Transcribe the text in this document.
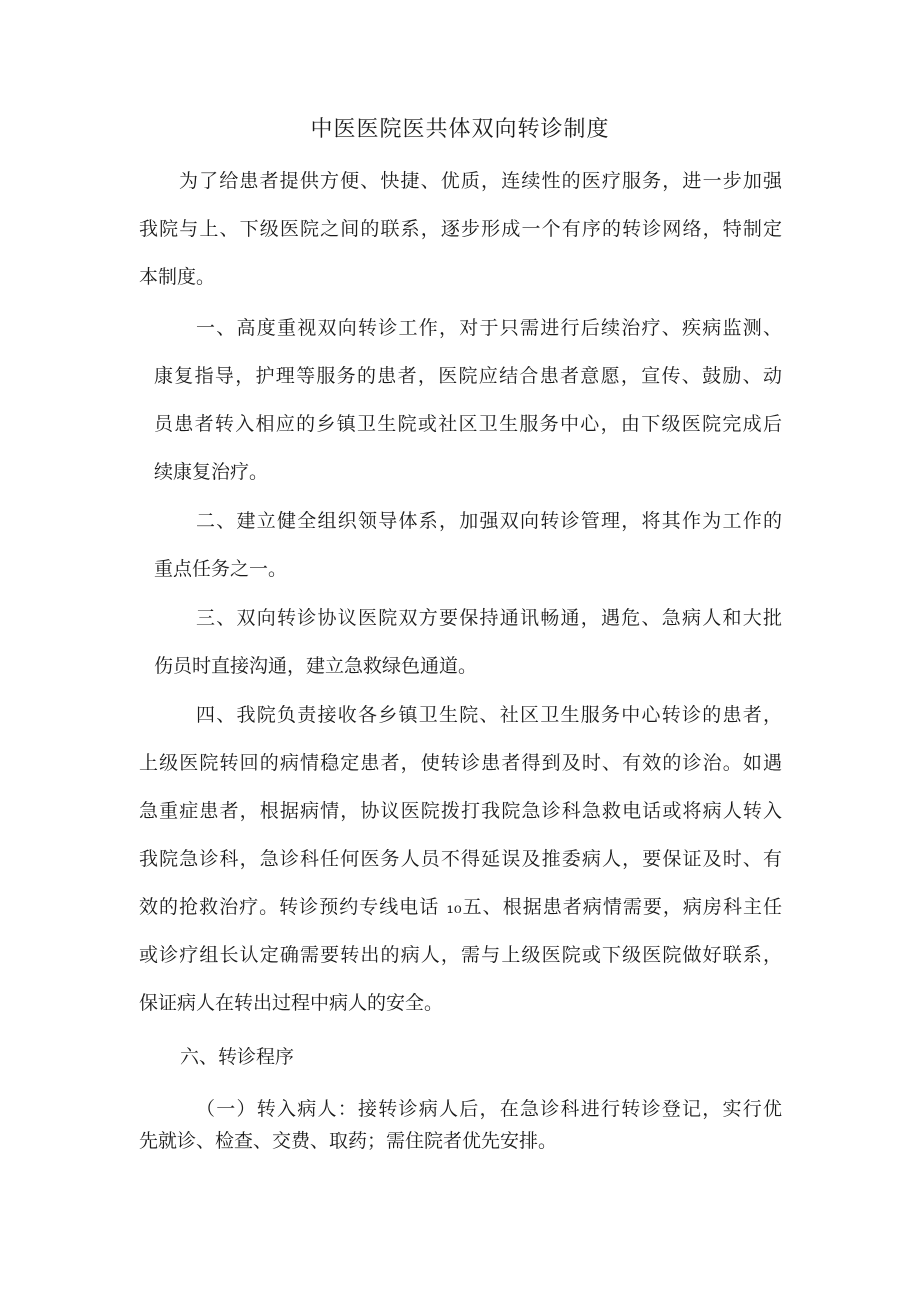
中医医院医共体双向转诊制度
为了给患者提供方便、快捷、优质，连续性的医疗服务，进一步加强
我院与上、下级医院之间的联系，逐步形成一个有序的转诊网络，特制定
本制度。
一、高度重视双向转诊工作，对于只需进行后续治疗、疾病监测、
康复指导，护理等服务的患者，医院应结合患者意愿，宣传、鼓励、动
员患者转入相应的乡镇卫生院或社区卫生服务中心，由下级医院完成后
续康复治疗。
二、建立健全组织领导体系，加强双向转诊管理，将其作为工作的
重点任务之一。
三、双向转诊协议医院双方要保持通讯畅通，遇危、急病人和大批
伤员时直接沟通，建立急救绿色通道。
四、我院负责接收各乡镇卫生院、社区卫生服务中心转诊的患者，
上级医院转回的病情稳定患者，使转诊患者得到及时、有效的诊治。如遇
急重症患者，根据病情，协议医院拨打我院急诊科急救电话或将病人转入
我院急诊科，急诊科任何医务人员不得延误及推委病人，要保证及时、有
效的抢救治疗。转诊预约专线电话 ₁₀五、根据患者病情需要，病房科主任
或诊疗组长认定确需要转出的病人，需与上级医院或下级医院做好联系，
保证病人在转出过程中病人的安全。
六、转诊程序
（一）转入病人：接转诊病人后，在急诊科进行转诊登记，实行优
先就诊、检查、交费、取药；需住院者优先安排。
